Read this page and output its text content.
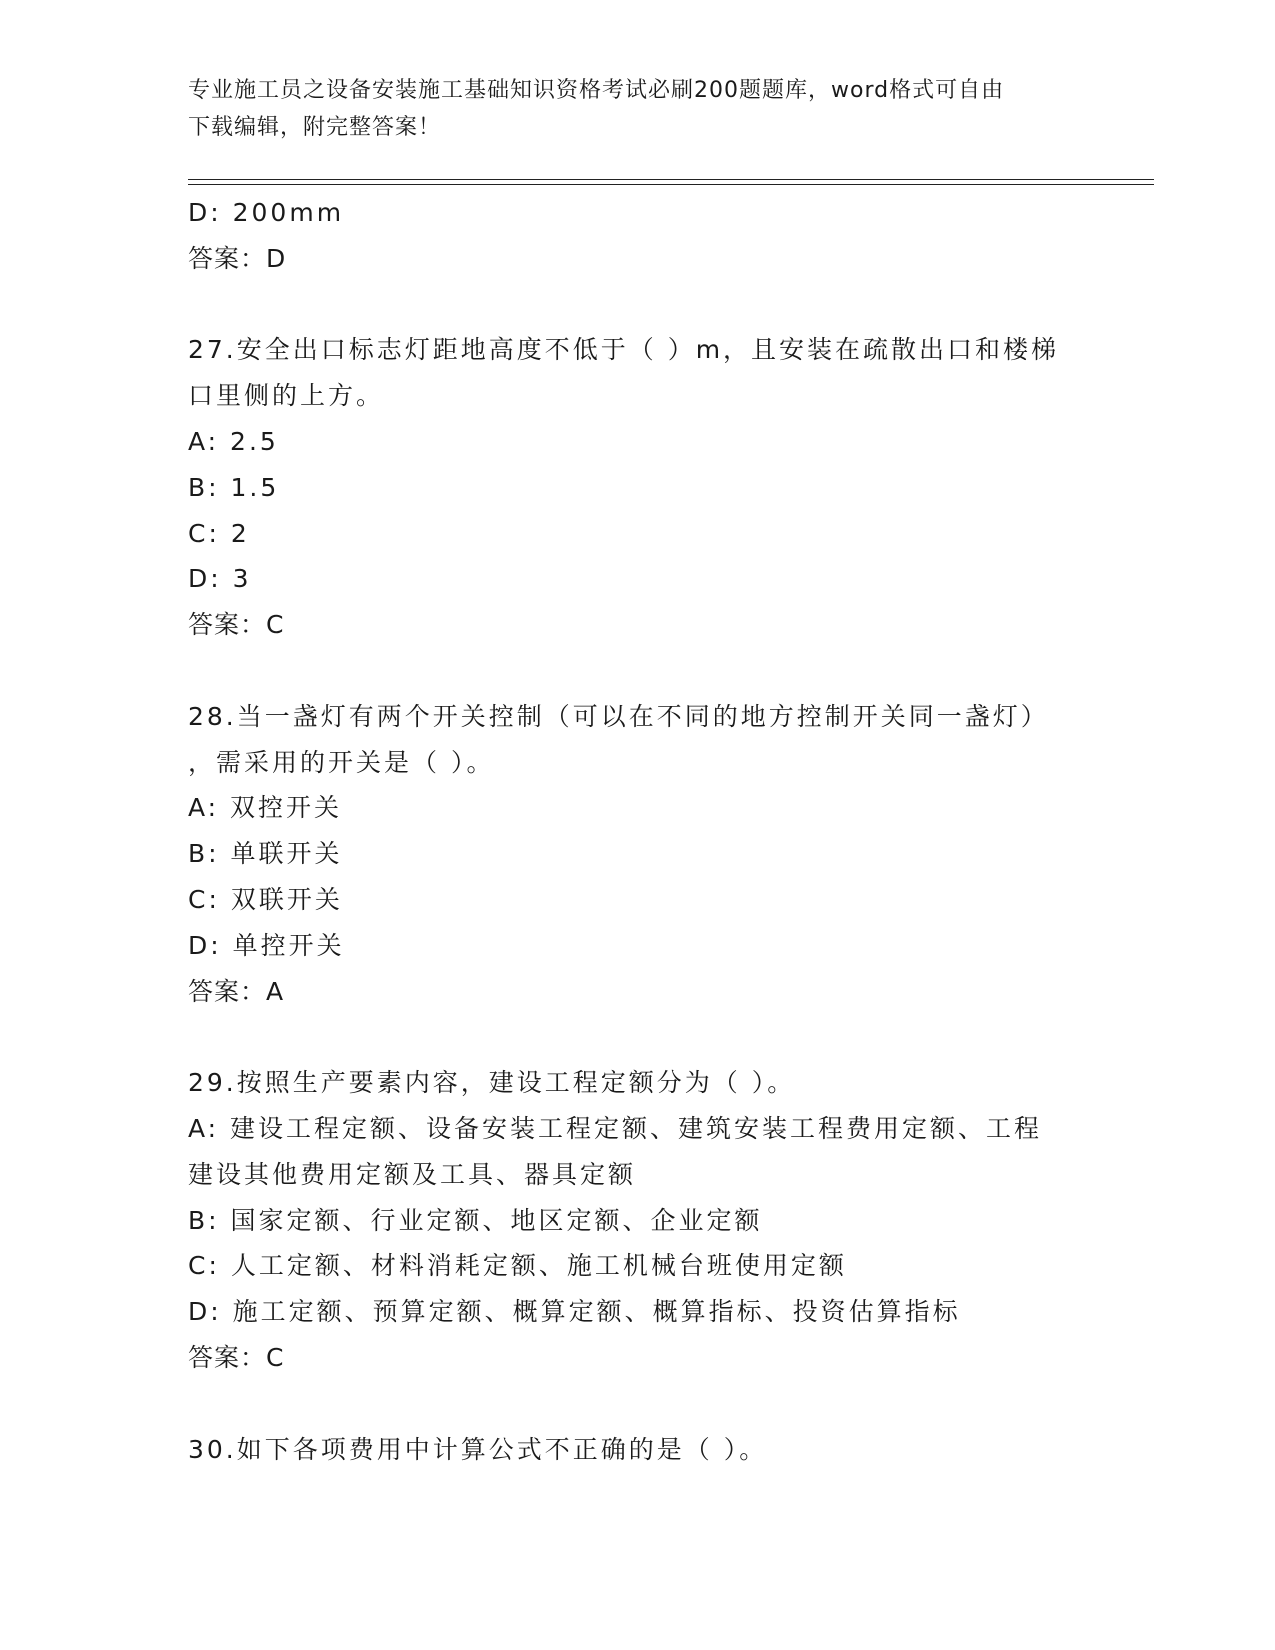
专业施工员之设备安装施工基础知识资格考试必刷200题题库，word格式可自由
下载编辑，附完整答案！
D: 200mm
答案：D
27.安全出口标志灯距地高度不低于（ ）m，且安装在疏散出口和楼梯
口里侧的上方。
A: 2.5
B: 1.5
C: 2
D: 3
答案：C
28.当一盏灯有两个开关控制（可以在不同的地方控制开关同一盏灯）
，需采用的开关是（ ）。
A: 双控开关
B: 单联开关
C: 双联开关
D: 单控开关
答案：A
29.按照生产要素内容，建设工程定额分为（ ）。
A: 建设工程定额、设备安装工程定额、建筑安装工程费用定额、工程
建设其他费用定额及工具、器具定额
B: 国家定额、行业定额、地区定额、企业定额
C: 人工定额、材料消耗定额、施工机械台班使用定额
D: 施工定额、预算定额、概算定额、概算指标、投资估算指标
答案：C
30.如下各项费用中计算公式不正确的是（ ）。
